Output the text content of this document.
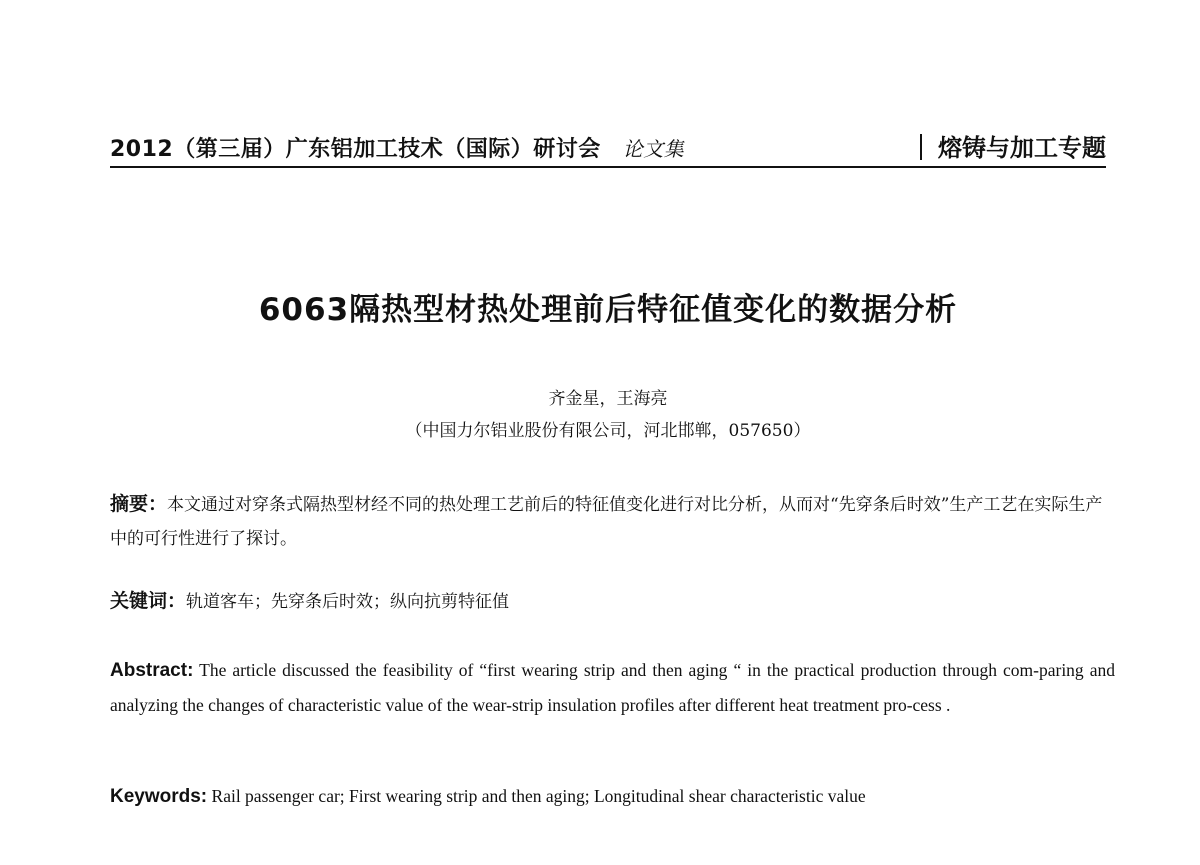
2012（第三届）广东铝加工技术（国际）研讨会 论文集	熔铸与加工专题
6063隔热型材热处理前后特征值变化的数据分析
齐金星，王海亮
（中国力尔铝业股份有限公司，河北邯郸，057650）
摘要：本文通过对穿条式隔热型材经不同的热处理工艺前后的特征值变化进行对比分析，从而对“先穿条后时效”生产工艺在实际生产中的可行性进行了探讨。
关键词：轨道客车；先穿条后时效；纵向抗剪特征值
Abstract: The article discussed the feasibility of “first wearing strip and then aging “ in the practical production through com-paring and analyzing the changes of characteristic value of the wear-strip insulation profiles after different heat treatment pro-cess .
Keywords: Rail passenger car; First wearing strip and then aging; Longitudinal shear characteristic value
